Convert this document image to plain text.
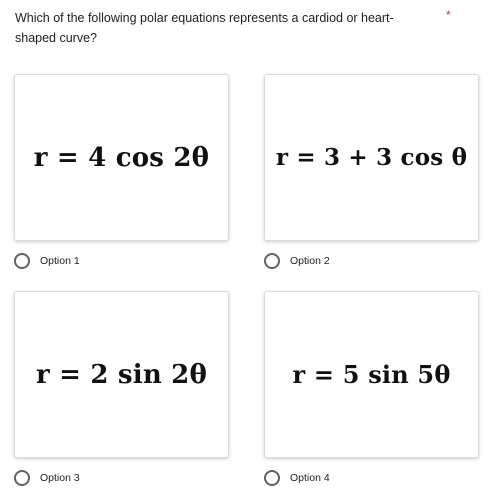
Which of the following polar equations represents a cardiod or heart-shaped curve?
*
r = 4 cos 2θ	r = 3 + 3 cos θ
r = 2 sin 2θ	r = 5 sin 5θ
Option 1	Option 2
Option 3	Option 4
